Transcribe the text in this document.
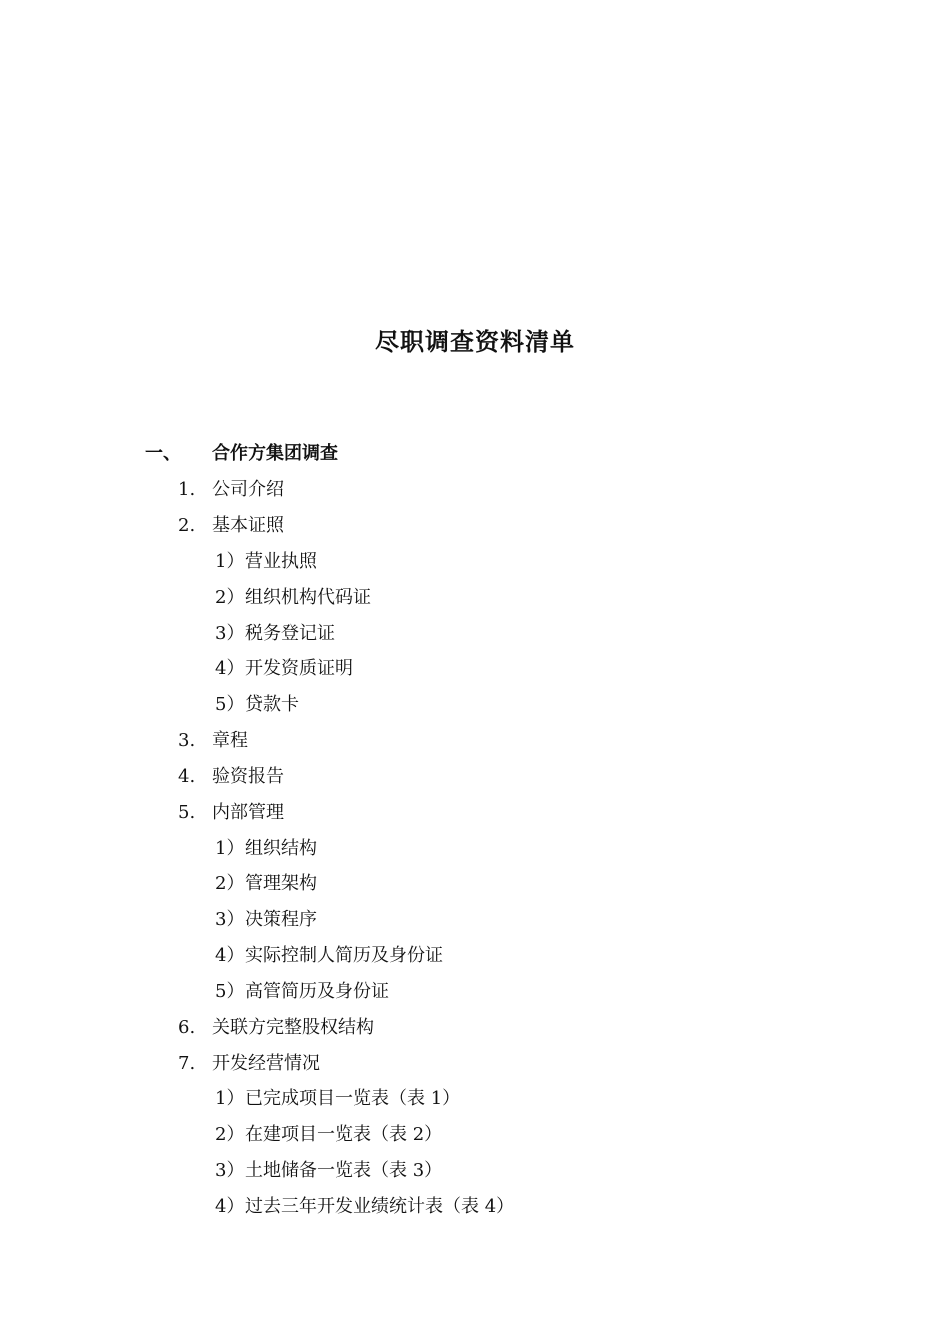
尽职调查资料清单
一、 合作方集团调查
1. 公司介绍
2. 基本证照
1） 营业执照
2） 组织机构代码证
3） 税务登记证
4） 开发资质证明
5） 贷款卡
3. 章程
4. 验资报告
5. 内部管理
1） 组织结构
2） 管理架构
3） 决策程序
4） 实际控制人简历及身份证
5） 高管简历及身份证
6. 关联方完整股权结构
7. 开发经营情况
1） 已完成项目一览表（表 1）
2） 在建项目一览表（表 2）
3） 土地储备一览表（表 3）
4） 过去三年开发业绩统计表（表 4）
